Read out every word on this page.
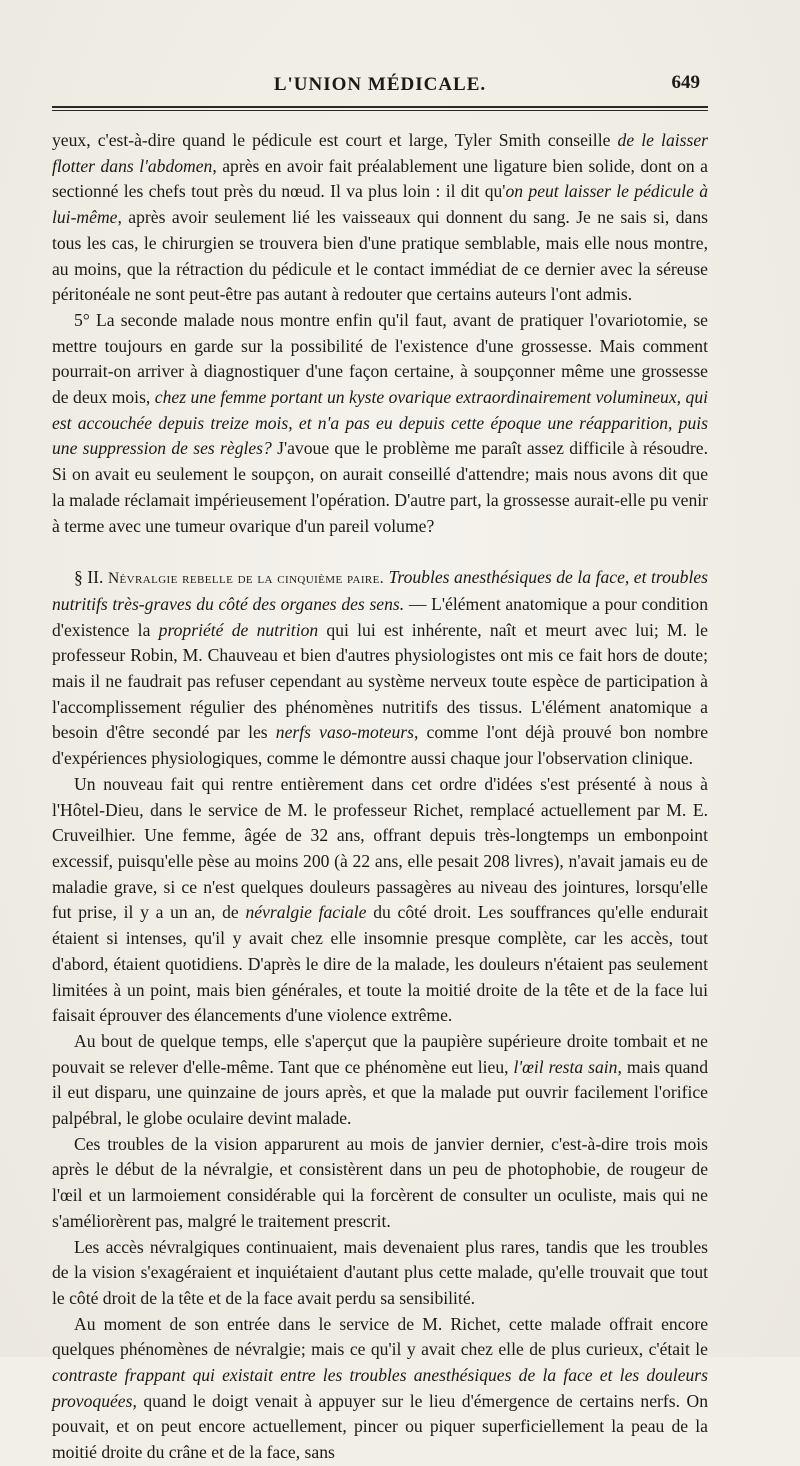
L'UNION MÉDICALE.	649

yeux, c'est-à-dire quand le pédicule est court et large, Tyler Smith conseille de le laisser flotter dans l'abdomen, après en avoir fait préalablement une ligature bien solide, dont on a sectionné les chefs tout près du nœud. Il va plus loin : il dit qu'on peut laisser le pédicule à lui-même, après avoir seulement lié les vaisseaux qui donnent du sang. Je ne sais si, dans tous les cas, le chirurgien se trouvera bien d'une pratique semblable, mais elle nous montre, au moins, que la rétraction du pédicule et le contact immédiat de ce dernier avec la séreuse péritonéale ne sont peut-être pas autant à redouter que certains auteurs l'ont admis.

5° La seconde malade nous montre enfin qu'il faut, avant de pratiquer l'ovariotomie, se mettre toujours en garde sur la possibilité de l'existence d'une grossesse. Mais comment pourrait-on arriver à diagnostiquer d'une façon certaine, à soupçonner même une grossesse de deux mois, chez une femme portant un kyste ovarique extraordinairement volumineux, qui est accouchée depuis treize mois, et n'a pas eu depuis cette époque une réapparition, puis une suppression de ses règles? J'avoue que le problème me paraît assez difficile à résoudre. Si on avait eu seulement le soupçon, on aurait conseillé d'attendre; mais nous avons dit que la malade réclamait impérieusement l'opération. D'autre part, la grossesse aurait-elle pu venir à terme avec une tumeur ovarique d'un pareil volume?

§ II. Névralgie rebelle de la cinquième paire. Troubles anesthésiques de la face, et troubles nutritifs très-graves du côté des organes des sens. — L'élément anatomique a pour condition d'existence la propriété de nutrition qui lui est inhérente, naît et meurt avec lui; M. le professeur Robin, M. Chauveau et bien d'autres physiologistes ont mis ce fait hors de doute; mais il ne faudrait pas refuser cependant au système nerveux toute espèce de participation à l'accomplissement régulier des phénomènes nutritifs des tissus. L'élément anatomique a besoin d'être secondé par les nerfs vaso-moteurs, comme l'ont déjà prouvé bon nombre d'expériences physiologiques, comme le démontre aussi chaque jour l'observation clinique.

Un nouveau fait qui rentre entièrement dans cet ordre d'idées s'est présenté à nous à l'Hôtel-Dieu, dans le service de M. le professeur Richet, remplacé actuellement par M. E. Cruveilhier. Une femme, âgée de 32 ans, offrant depuis très-longtemps un embonpoint excessif, puisqu'elle pèse au moins 200 (à 22 ans, elle pesait 208 livres), n'avait jamais eu de maladie grave, si ce n'est quelques douleurs passagères au niveau des jointures, lorsqu'elle fut prise, il y a un an, de névralgie faciale du côté droit. Les souffrances qu'elle endurait étaient si intenses, qu'il y avait chez elle insomnie presque complète, car les accès, tout d'abord, étaient quotidiens. D'après le dire de la malade, les douleurs n'étaient pas seulement limitées à un point, mais bien générales, et toute la moitié droite de la tête et de la face lui faisait éprouver des élancements d'une violence extrême.

Au bout de quelque temps, elle s'aperçut que la paupière supérieure droite tombait et ne pouvait se relever d'elle-même. Tant que ce phénomène eut lieu, l'œil resta sain, mais quand il eut disparu, une quinzaine de jours après, et que la malade put ouvrir facilement l'orifice palpébral, le globe oculaire devint malade.

Ces troubles de la vision apparurent au mois de janvier dernier, c'est-à-dire trois mois après le début de la névralgie, et consistèrent dans un peu de photophobie, de rougeur de l'œil et un larmoiement considérable qui la forcèrent de consulter un oculiste, mais qui ne s'améliorèrent pas, malgré le traitement prescrit.

Les accès névralgiques continuaient, mais devenaient plus rares, tandis que les troubles de la vision s'exagéraient et inquiétaient d'autant plus cette malade, qu'elle trouvait que tout le côté droit de la tête et de la face avait perdu sa sensibilité.

Au moment de son entrée dans le service de M. Richet, cette malade offrait encore quelques phénomènes de névralgie; mais ce qu'il y avait chez elle de plus curieux, c'était le contraste frappant qui existait entre les troubles anesthésiques de la face et les douleurs provoquées, quand le doigt venait à appuyer sur le lieu d'émergence de certains nerfs. On pouvait, et on peut encore actuellement, pincer ou piquer superficiellement la peau de la moitié droite du crâne et de la face, sans
